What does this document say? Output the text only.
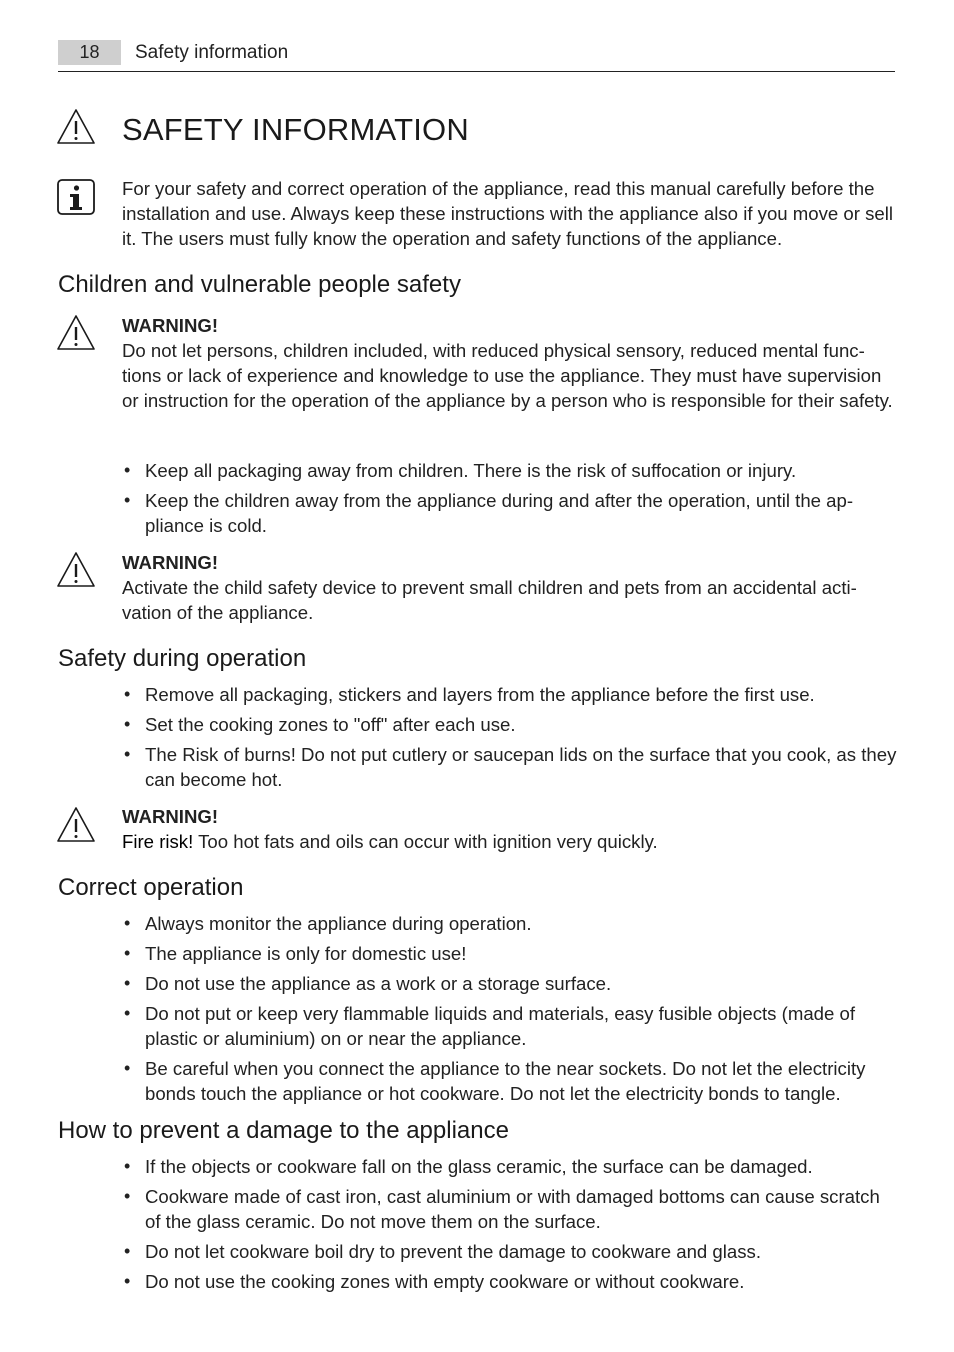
18	Safety information
SAFETY INFORMATION
For your safety and correct operation of the appliance, read this manual carefully before the installation and use. Always keep these instructions with the appliance also if you move or sell it. The users must fully know the operation and safety functions of the appliance.
Children and vulnerable people safety
WARNING!
Do not let persons, children included, with reduced physical sensory, reduced mental functions or lack of experience and knowledge to use the appliance. They must have supervision or instruction for the operation of the appliance by a person who is responsible for their safety.
• Keep all packaging away from children. There is the risk of suffocation or injury.
• Keep the children away from the appliance during and after the operation, until the appliance is cold.
WARNING!
Activate the child safety device to prevent small children and pets from an accidental activation of the appliance.
Safety during operation
• Remove all packaging, stickers and layers from the appliance before the first use.
• Set the cooking zones to "off" after each use.
• The Risk of burns! Do not put cutlery or saucepan lids on the surface that you cook, as they can become hot.
WARNING!
Fire risk! Too hot fats and oils can occur with ignition very quickly.
Correct operation
• Always monitor the appliance during operation.
• The appliance is only for domestic use!
• Do not use the appliance as a work or a storage surface.
• Do not put or keep very flammable liquids and materials, easy fusible objects (made of plastic or aluminium) on or near the appliance.
• Be careful when you connect the appliance to the near sockets. Do not let the electricity bonds touch the appliance or hot cookware. Do not let the electricity bonds to tangle.
How to prevent a damage to the appliance
• If the objects or cookware fall on the glass ceramic, the surface can be damaged.
• Cookware made of cast iron, cast aluminium or with damaged bottoms can cause scratch of the glass ceramic. Do not move them on the surface.
• Do not let cookware boil dry to prevent the damage to cookware and glass.
• Do not use the cooking zones with empty cookware or without cookware.
